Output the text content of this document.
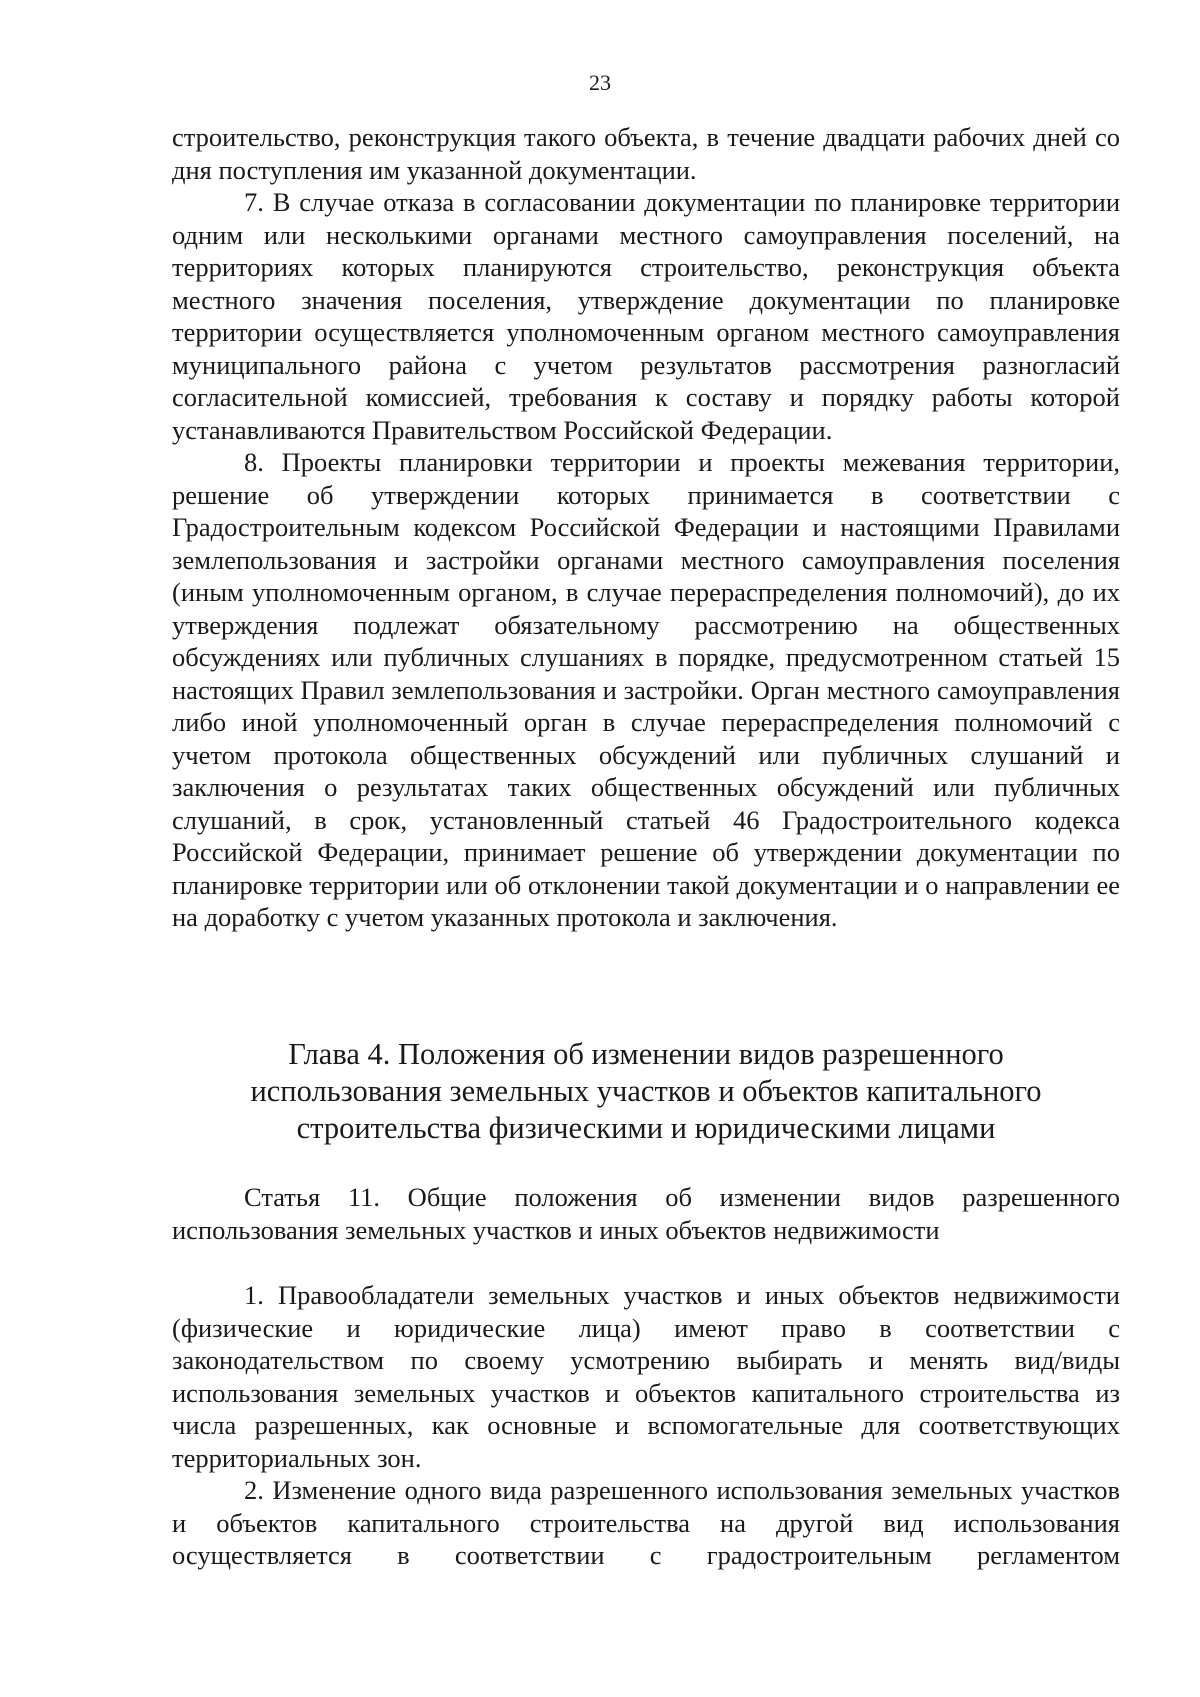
23

строительство, реконструкция такого объекта, в течение двадцати рабочих дней со дня поступления им указанной документации.

7. В случае отказа в согласовании документации по планировке территории одним или несколькими органами местного самоуправления поселений, на территориях которых планируются строительство, реконструкция объекта местного значения поселения, утверждение документации по планировке территории осуществляется уполномоченным органом местного самоуправления муниципального района с учетом результатов рассмотрения разногласий согласительной комиссией, требования к составу и порядку работы которой устанавливаются Правительством Российской Федерации.

8. Проекты планировки территории и проекты межевания территории, решение об утверждении которых принимается в соответствии с Градостроительным кодексом Российской Федерации и настоящими Правилами землепользования и застройки органами местного самоуправления поселения (иным уполномоченным органом, в случае перераспределения полномочий), до их утверждения подлежат обязательному рассмотрению на общественных обсуждениях или публичных слушаниях в порядке, предусмотренном статьей 15 настоящих Правил землепользования и застройки. Орган местного самоуправления либо иной уполномоченный орган в случае перераспределения полномочий с учетом протокола общественных обсуждений или публичных слушаний и заключения о результатах таких общественных обсуждений или публичных слушаний, в срок, установленный статьей 46 Градостроительного кодекса Российской Федерации, принимает решение об утверждении документации по планировке территории или об отклонении такой документации и о направлении ее на доработку с учетом указанных протокола и заключения.

Глава 4. Положения об изменении видов разрешенного
использования земельных участков и объектов капитального
строительства физическими и юридическими лицами
Статья 11. Общие положения об изменении видов разрешенного использования земельных участков и иных объектов недвижимости

1. Правообладатели земельных участков и иных объектов недвижимости (физические и юридические лица) имеют право в соответствии с законодательством по своему усмотрению выбирать и менять вид/виды использования земельных участков и объектов капитального строительства из числа разрешенных, как основные и вспомогательные для соответствующих территориальных зон.

2. Изменение одного вида разрешенного использования земельных участков и объектов капитального строительства на другой вид использования осуществляется в соответствии с градостроительным регламентом
